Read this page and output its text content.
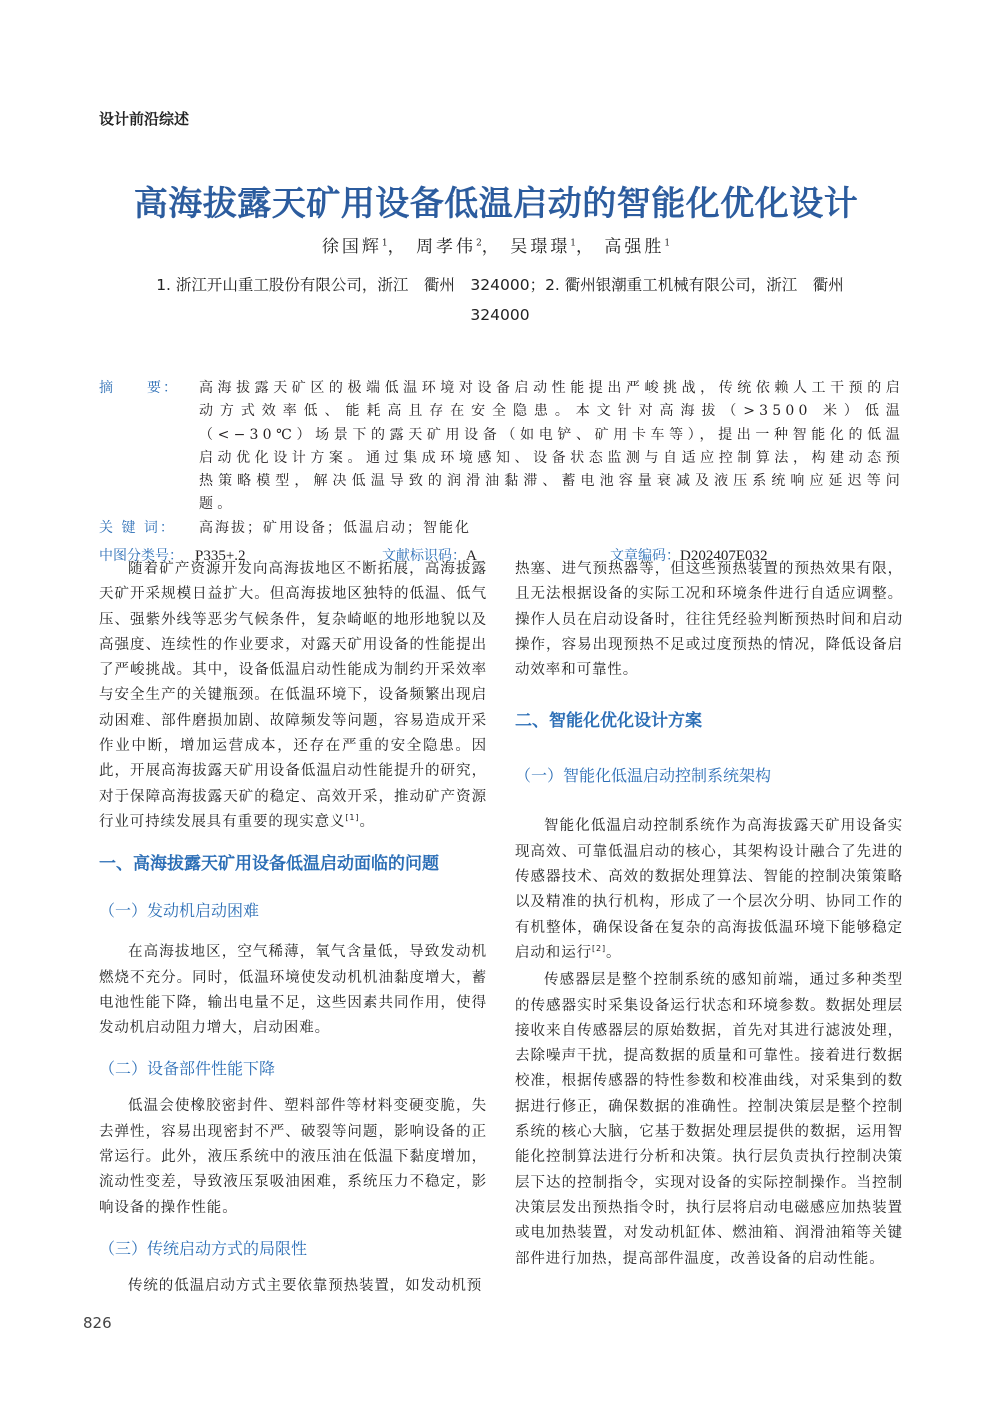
设计前沿综述
高海拔露天矿用设备低温启动的智能化优化设计
徐国辉$^1$， 周孝伟$^2$， 吴璟璟$^1$， 高强胜$^1$
1. 浙江开山重工股份有限公司，浙江　衢州　324000；2. 衢州银潮重工机械有限公司，浙江　衢州
324000
摘　　要：	高海拔露天矿区的极端低温环境对设备启动性能提出严峻挑战，传统依赖人工干预的启动方式效率低、能耗高且存在安全隐患。本文针对高海拔（>3500 米）低温（<−30℃）场景下的露天矿用设备（如电铲、矿用卡车等），提出一种智能化的低温启动优化设计方案。通过集成环境感知、设备状态监测与自适应控制算法，构建动态预热策略模型，解决低温导致的润滑油黏滞、蓄电池容量衰减及液压系统响应延迟等问题。
关 键 词：	高海拔；矿用设备；低温启动；智能化
中图分类号： P335+.2	文献标识码：A	文章编码：D202407E032
随着矿产资源开发向高海拔地区不断拓展，高海拔露天矿开采规模日益扩大。但高海拔地区独特的低温、低气压、强紫外线等恶劣气候条件，复杂崎岖的地形地貌以及高强度、连续性的作业要求，对露天矿用设备的性能提出了严峻挑战。其中，设备低温启动性能成为制约开采效率与安全生产的关键瓶颈。在低温环境下，设备频繁出现启动困难、部件磨损加剧、故障频发等问题，容易造成开采作业中断，增加运营成本，还存在严重的安全隐患。因此，开展高海拔露天矿用设备低温启动性能提升的研究，对于保障高海拔露天矿的稳定、高效开采，推动矿产资源行业可持续发展具有重要的现实意义[1]。
一、高海拔露天矿用设备低温启动面临的问题
（一）发动机启动困难
在高海拔地区，空气稀薄，氧气含量低，导致发动机燃烧不充分。同时，低温环境使发动机机油黏度增大，蓄电池性能下降，输出电量不足，这些因素共同作用，使得发动机启动阻力增大，启动困难。
（二）设备部件性能下降
低温会使橡胶密封件、塑料部件等材料变硬变脆，失去弹性，容易出现密封不严、破裂等问题，影响设备的正常运行。此外，液压系统中的液压油在低温下黏度增加，流动性变差，导致液压泵吸油困难，系统压力不稳定，影响设备的操作性能。
（三）传统启动方式的局限性
传统的低温启动方式主要依靠预热装置，如发动机预
热塞、进气预热器等，但这些预热装置的预热效果有限，且无法根据设备的实际工况和环境条件进行自适应调整。操作人员在启动设备时，往往凭经验判断预热时间和启动操作，容易出现预热不足或过度预热的情况，降低设备启动效率和可靠性。
二、智能化优化设计方案
（一）智能化低温启动控制系统架构
智能化低温启动控制系统作为高海拔露天矿用设备实现高效、可靠低温启动的核心，其架构设计融合了先进的传感器技术、高效的数据处理算法、智能的控制决策策略以及精准的执行机构，形成了一个层次分明、协同工作的有机整体，确保设备在复杂的高海拔低温环境下能够稳定启动和运行[2]。
传感器层是整个控制系统的感知前端，通过多种类型的传感器实时采集设备运行状态和环境参数。数据处理层接收来自传感器层的原始数据，首先对其进行滤波处理，去除噪声干扰，提高数据的质量和可靠性。接着进行数据校准，根据传感器的特性参数和校准曲线，对采集到的数据进行修正，确保数据的准确性。控制决策层是整个控制系统的核心大脑，它基于数据处理层提供的数据，运用智能化控制算法进行分析和决策。执行层负责执行控制决策层下达的控制指令，实现对设备的实际控制操作。当控制决策层发出预热指令时，执行层将启动电磁感应加热装置或电加热装置，对发动机缸体、燃油箱、润滑油箱等关键部件进行加热，提高部件温度，改善设备的启动性能。
826
